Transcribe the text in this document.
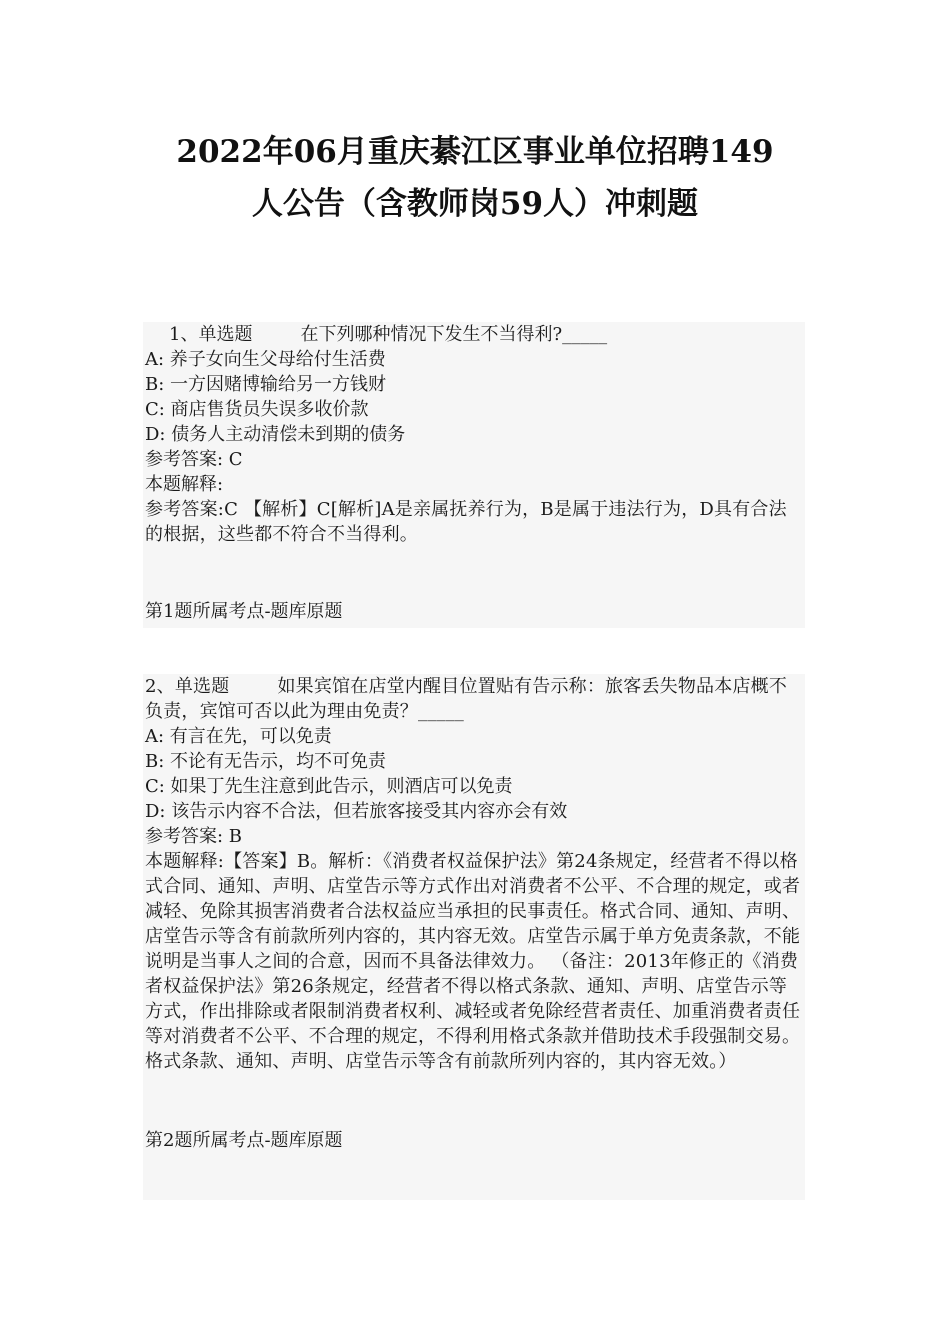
2022年06月重庆綦江区事业单位招聘149
人公告（含教师岗59人）冲刺题
1、单选题	在下列哪种情况下发生不当得利?_____
A: 养子女向生父母给付生活费
B: 一方因赌博输给另一方钱财
C: 商店售货员失误多收价款
D: 债务人主动清偿未到期的债务
参考答案: C
本题解释:
参考答案:C 【解析】C[解析]A是亲属抚养行为，B是属于违法行为，D具有合法的根据，这些都不符合不当得利。
第1题所属考点-题库原题
2、单选题	如果宾馆在店堂内醒目位置贴有告示称：旅客丢失物品本店概不负责，宾馆可否以此为理由免责？_____
A: 有言在先，可以免责
B: 不论有无告示，均不可免责
C: 如果丁先生注意到此告示，则酒店可以免责
D: 该告示内容不合法，但若旅客接受其内容亦会有效
参考答案: B
本题解释:【答案】B。解析：《消费者权益保护法》第24条规定，经营者不得以格式合同、通知、声明、店堂告示等方式作出对消费者不公平、不合理的规定，或者减轻、免除其损害消费者合法权益应当承担的民事责任。格式合同、通知、声明、店堂告示等含有前款所列内容的，其内容无效。店堂告示属于单方免责条款，不能说明是当事人之间的合意，因而不具备法律效力。 （备注：2013年修正的《消费者权益保护法》第26条规定，经营者不得以格式条款、通知、声明、店堂告示等方式，作出排除或者限制消费者权利、减轻或者免除经营者责任、加重消费者责任等对消费者不公平、不合理的规定，不得利用格式条款并借助技术手段强制交易。格式条款、通知、声明、店堂告示等含有前款所列内容的，其内容无效。）
第2题所属考点-题库原题
